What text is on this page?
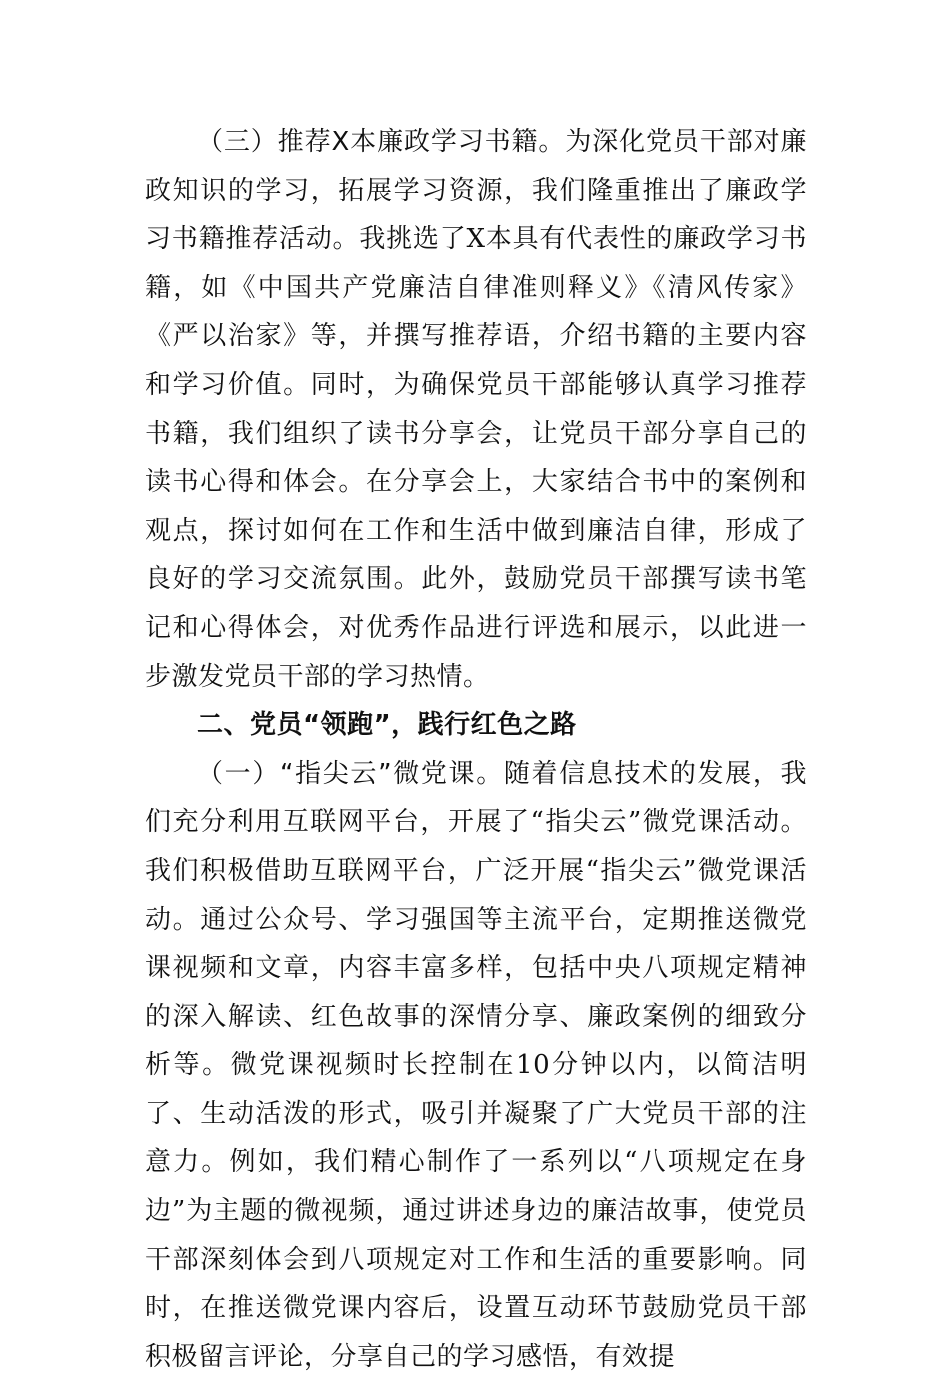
（三）推荐X本廉政学习书籍。为深化党员干部对廉政知识的学习，拓展学习资源，我们隆重推出了廉政学习书籍推荐活动。我挑选了X本具有代表性的廉政学习书籍，如《中国共产党廉洁自律准则释义》《清风传家》《严以治家》等，并撰写推荐语，介绍书籍的主要内容和学习价值。同时，为确保党员干部能够认真学习推荐书籍，我们组织了读书分享会，让党员干部分享自己的读书心得和体会。在分享会上，大家结合书中的案例和观点，探讨如何在工作和生活中做到廉洁自律，形成了良好的学习交流氛围。此外，鼓励党员干部撰写读书笔记和心得体会，对优秀作品进行评选和展示，以此进一步激发党员干部的学习热情。

二、党员“领跑”，践行红色之路

（一）“指尖云”微党课。随着信息技术的发展，我们充分利用互联网平台，开展了“指尖云”微党课活动。我们积极借助互联网平台，广泛开展“指尖云”微党课活动。通过公众号、学习强国等主流平台，定期推送微党课视频和文章，内容丰富多样，包括中央八项规定精神的深入解读、红色故事的深情分享、廉政案例的细致分析等。微党课视频时长控制在10分钟以内，以简洁明了、生动活泼的形式，吸引并凝聚了广大党员干部的注意力。例如，我们精心制作了一系列以“八项规定在身边”为主题的微视频，通过讲述身边的廉洁故事，使党员干部深刻体会到八项规定对工作和生活的重要影响。同时，在推送微党课内容后，设置互动环节鼓励党员干部积极留言评论，分享自己的学习感悟，有效提
